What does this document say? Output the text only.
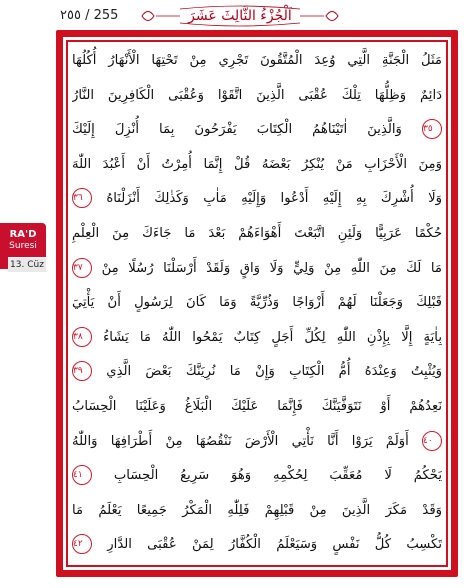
٢٥٥ / 255	اَلْجُزْءُ الثَّالِثَ عَشَرَ
RA'D
Suresi
13. Cüz
مَثَلُ الْجَنَّةِ الَّتِي وُعِدَ الْمُتَّقُونَ تَجْرِي مِنْ تَحْتِهَا الْأَنْهَارُ أُكُلُهَا
دَائِمٌ وَظِلُّهَا تِلْكَ عُقْبَى الَّذِينَ اتَّقَوْا وَعُقْبَى الْكَافِرِينَ النَّارُ
٣٥ وَالَّذِينَ اٰتَيْنَاهُمُ الْكِتَابَ يَفْرَحُونَ بِمَا أُنْزِلَ إِلَيْكَ
وَمِنَ الْأَحْزَابِ مَنْ يُنْكِرُ بَعْضَهُ قُلْ إِنَّمَا أُمِرْتُ أَنْ أَعْبُدَ اللّٰهَ
وَلَا أُشْرِكَ بِهِ إِلَيْهِ أَدْعُوا وَإِلَيْهِ مَاٰبِ وَكَذٰلِكَ أَنْزَلْنَاهُ ٣٦
حُكْمًا عَرَبِيًّا وَلَئِنِ اتَّبَعْتَ أَهْوَاءَهُمْ بَعْدَ مَا جَاءَكَ مِنَ الْعِلْمِ
مَا لَكَ مِنَ اللّٰهِ مِنْ وَلِيٍّ وَلَا وَاقٍ وَلَقَدْ أَرْسَلْنَا رُسُلًا مِنْ ٣٧
قَبْلِكَ وَجَعَلْنَا لَهُمْ أَزْوَاجًا وَذُرِّيَّةً وَمَا كَانَ لِرَسُولٍ أَنْ يَأْتِيَ
بِاٰيَةٍ إِلَّا بِإِذْنِ اللّٰهِ لِكُلِّ أَجَلٍ كِتَابٌ يَمْحُوا اللّٰهُ مَا يَشَاءُ ٣٨
وَيُثْبِتُ وَعِنْدَهُ أُمُّ الْكِتَابِ وَإِنْ مَا نُرِيَنَّكَ بَعْضَ الَّذِي ٣٩
نَعِدُهُمْ أَوْ نَتَوَفَّيَنَّكَ فَإِنَّمَا عَلَيْكَ الْبَلَاغُ وَعَلَيْنَا الْحِسَابُ
٤٠ أَوَلَمْ يَرَوْا أَنَّا نَأْتِي الْأَرْضَ نَنْقُصُهَا مِنْ أَطْرَافِهَا وَاللّٰهُ
يَحْكُمُ لَا مُعَقِّبَ لِحُكْمِهِ وَهُوَ سَرِيعُ الْحِسَابِ ٤١
وَقَدْ مَكَرَ الَّذِينَ مِنْ قَبْلِهِمْ فَلِلّٰهِ الْمَكْرُ جَمِيعًا يَعْلَمُ مَا
تَكْسِبُ كُلُّ نَفْسٍ وَسَيَعْلَمُ الْكُفَّارُ لِمَنْ عُقْبَى الدَّارِ ٤٢
